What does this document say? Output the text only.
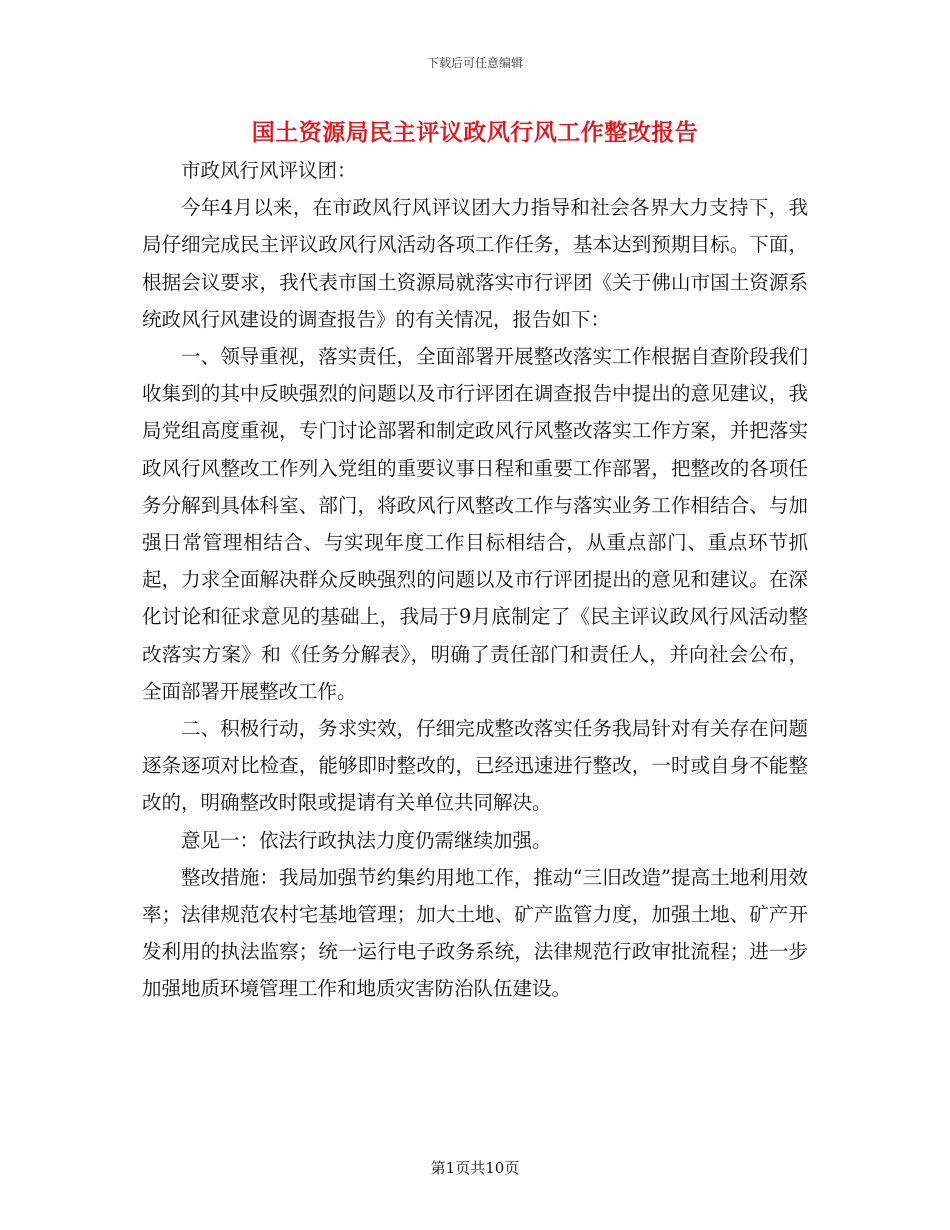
下载后可任意编辑
国土资源局民主评议政风行风工作整改报告

市政风行风评议团：

今年4月以来，在市政风行风评议团大力指导和社会各界大力支持下，我局仔细完成民主评议政风行风活动各项工作任务，基本达到预期目标。下面，根据会议要求，我代表市国土资源局就落实市行评团《关于佛山市国土资源系统政风行风建设的调查报告》的有关情况，报告如下：

一、领导重视，落实责任，全面部署开展整改落实工作根据自查阶段我们收集到的其中反映强烈的问题以及市行评团在调查报告中提出的意见建议，我局党组高度重视，专门讨论部署和制定政风行风整改落实工作方案，并把落实政风行风整改工作列入党组的重要议事日程和重要工作部署，把整改的各项任务分解到具体科室、部门，将政风行风整改工作与落实业务工作相结合、与加强日常管理相结合、与实现年度工作目标相结合，从重点部门、重点环节抓起，力求全面解决群众反映强烈的问题以及市行评团提出的意见和建议。在深化讨论和征求意见的基础上，我局于9月底制定了《民主评议政风行风活动整改落实方案》和《任务分解表》，明确了责任部门和责任人，并向社会公布，全面部署开展整改工作。

二、积极行动，务求实效，仔细完成整改落实任务我局针对有关存在问题逐条逐项对比检查，能够即时整改的，已经迅速进行整改，一时或自身不能整改的，明确整改时限或提请有关单位共同解决。

意见一：依法行政执法力度仍需继续加强。

整改措施：我局加强节约集约用地工作，推动“三旧改造”提高土地利用效率；法律规范农村宅基地管理；加大土地、矿产监管力度，加强土地、矿产开发利用的执法监察；统一运行电子政务系统，法律规范行政审批流程；进一步加强地质环境管理工作和地质灾害防治队伍建设。

第1页共10页
